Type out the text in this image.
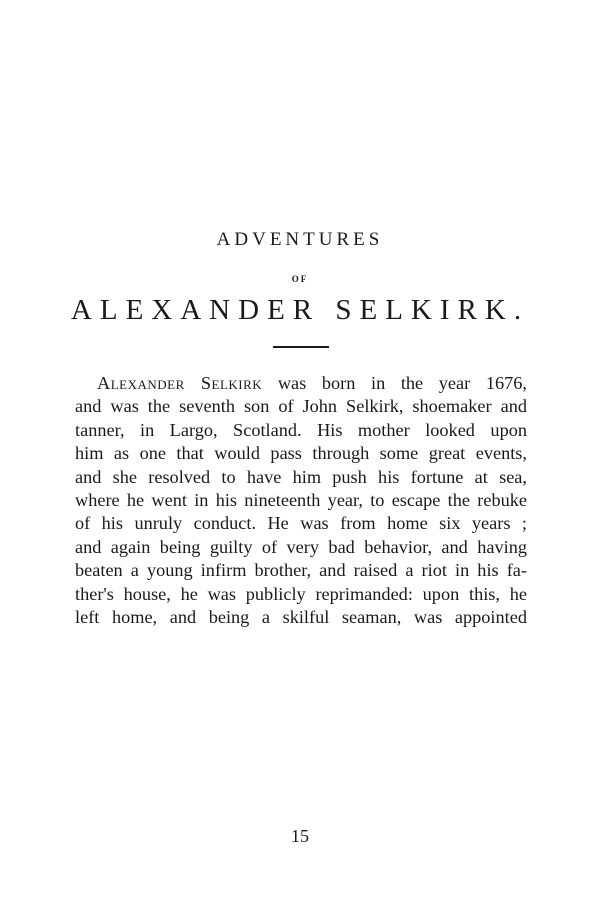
ADVENTURES
OF
ALEXANDER SELKIRK.
Alexander Selkirk was born in the year 1676,
and was the seventh son of John Selkirk, shoemaker and
tanner, in Largo, Scotland. His mother looked upon
him as one that would pass through some great events,
and she resolved to have him push his fortune at sea,
where he went in his nineteenth year, to escape the rebuke
of his unruly conduct. He was from home six years ;
and again being guilty of very bad behavior, and having
beaten a young infirm brother, and raised a riot in his fa-
ther's house, he was publicly reprimanded: upon this, he
left home, and being a skilful seaman, was appointed
15
